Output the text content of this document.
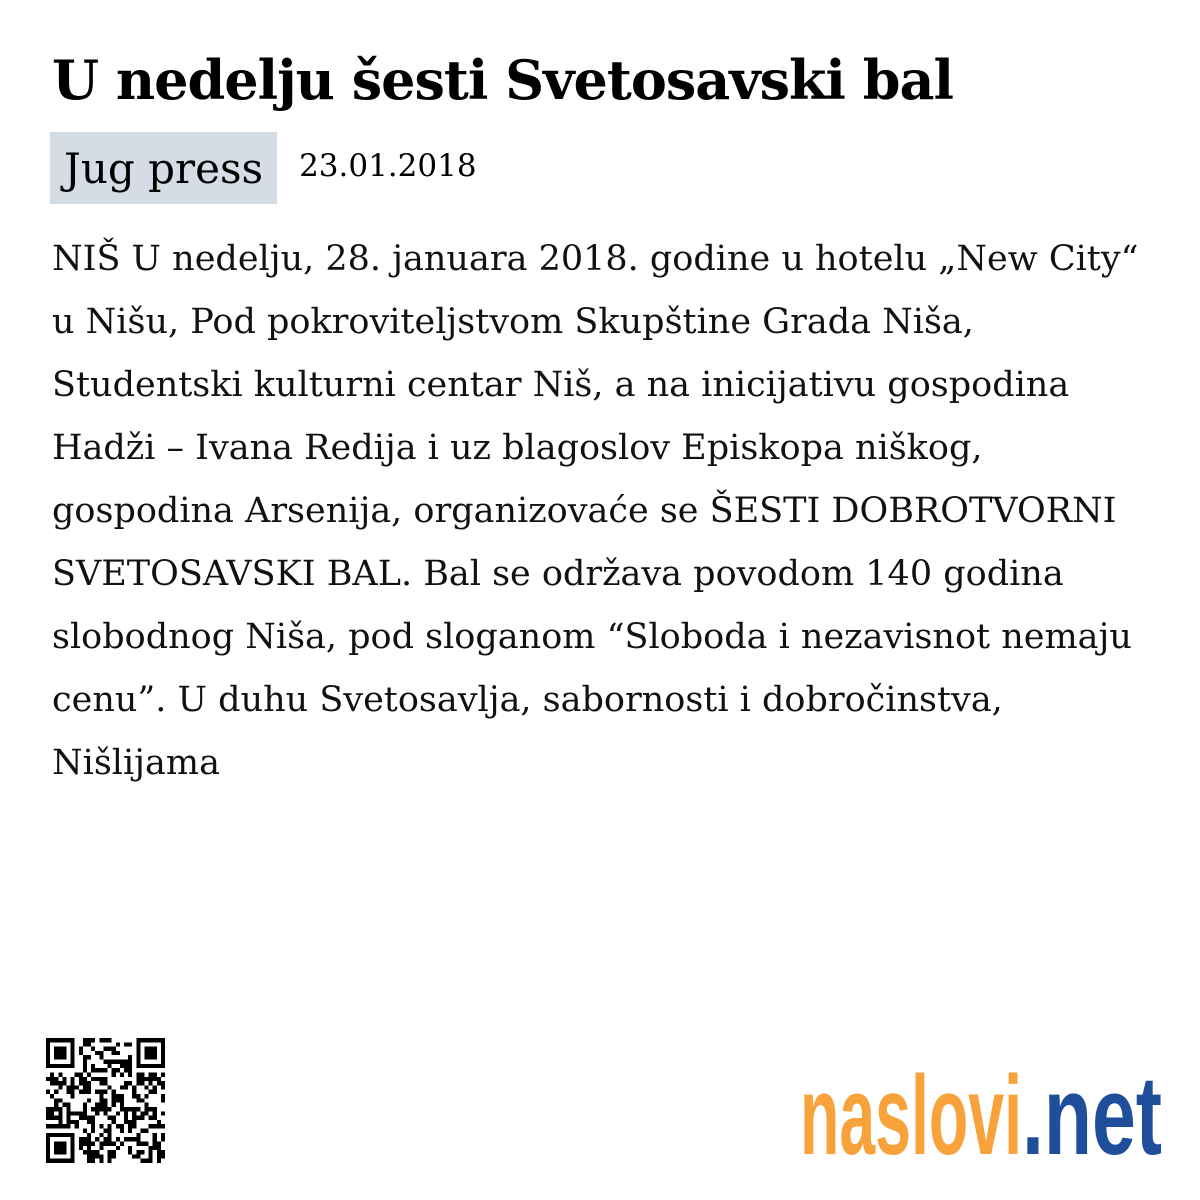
U nedelju šesti Svetosavski bal
Jug press	23.01.2018

NIŠ U nedelju, 28. januara 2018. godine u hotelu „New City“ u Nišu, Pod pokroviteljstvom Skupštine Grada Niša, Studentski kulturni centar Niš, a na inicijativu gospodina Hadži – Ivana Redija i uz blagoslov Episkopa niškog, gospodina Arsenija, organizovaće se ŠESTI DOBROTVORNI SVETOSAVSKI BAL. Bal se održava povodom 140 godina slobodnog Niša, pod sloganom “Sloboda i nezavisnot nemaju cenu”. U duhu Svetosavlja, sabornosti i dobročinstva, Nišlijama

naslovi .net
